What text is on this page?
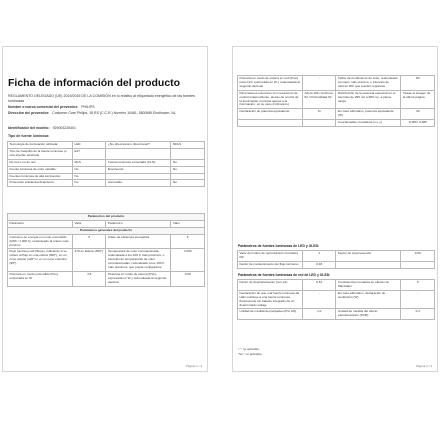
Ficha de información del producto
REGLAMENTO DELEGADO (UE) 2019/2015 DE LA COMISIÓN en lo relativo al etiquetado energético de las fuentes luminosas
Nombre o marca comercial del proveedor: PHILIPS
Dirección del proveedor: Customer Care Philips, 18 RS (C.C.R.) Numéro 10461, 5600MB Eindhoven, NL
Identificador del modelo: 929003226401
Tipo de fuente luminosa:
Tecnología de iluminación utilizada:	LED	¿No direccional o direccional?:	NDLS
Tipo de casquillo de la fuente luminosa (u otra interfaz eléctrica)	E27		
De red o no de red	MLS	Fuente luminosa conectada (CLS):	No
Fuente luminosa de color variable:	No	Envolvente:	No
Fuentes luminosa de alta luminancia:	No		
Protección antideslumbramiento:	No	Atenuable:	No
Parámetros del producto			
Parámetro	Valor	Parámetro	Valor
Parámetros generales del producto			
Consumo de energía en modo encendido (kWh / 1 000 h), redondeado al entero más próximo	5	Clase de eficiencia energética	F
Flujo luminoso útil (Φuse), indicando si se refiere al flujo en una esfera (360°), en un cono amplio (120°) o en un cono estrecho (90°)	470 en Esfera (360°)	Temperatura de color correlacionada, redondeada a los 100 K más próximos, o intervalo de temperaturas de color correlacionadas, redondeado a los 100 K más próximos, que puede configurarse	4 000
Potencia en modo encendido (Pon), expresada en W	4,5	Potencia en modo de espera (Psb), expresada en W y redondeada al segundo decimal	0,00
Página 1 / 3
Potencia en modo de espera en red (Pnet) para CLS, expresada en W y redondeada al segundo decimal	-	Índice de rendimiento de color, redondeado al entero más próximo, o intervalo de valores IRC que pueden regularse	80
Dimensiones exteriores sin mecanismo de control independiente, piezas de control de la iluminación ni piezas ajenas a la iluminación, en su caso (milímetros)	Altura 106 / Anchura 62 / Profundidad 62	Distribución de la potencia espectral en el intervalo de 250 nm a 800 nm, a plena carga	Véase la imagen de la última página
Declaración de potencia equivalente	Sí	En caso afirmativo, potencia equivalente (W)	40
		Coordenadas cromáticas (x e y)	0,380 / 0,380
Parámetros de fuentes luminosas de LED y OLED:
Valor del índice de reproducción cromática R9	1	Factor de supervivencia	0,90
Factor de mantenimiento del flujo luminoso	0,93		
Parámetros de fuentes luminosas de red de LED y OLED:
Factor de desplazamiento (cos φ1)	0,51	Consistencia cromática en elipses de MacAdam	6
Declaración de que una fuente luminosa de LED sustituye a una fuente luminosa fluorescente sin balasto integrado de un determinado vatiaje.	-	En caso afirmativo, declaración de sustitución (W)	-
Unidad de medida del parpadeo (Pst LM)	1,0	Unidad de medida del efecto estroboscópico (SVM)	0,4
"-": no aplicable;
"No": no aplicable.
Página 2 / 3
